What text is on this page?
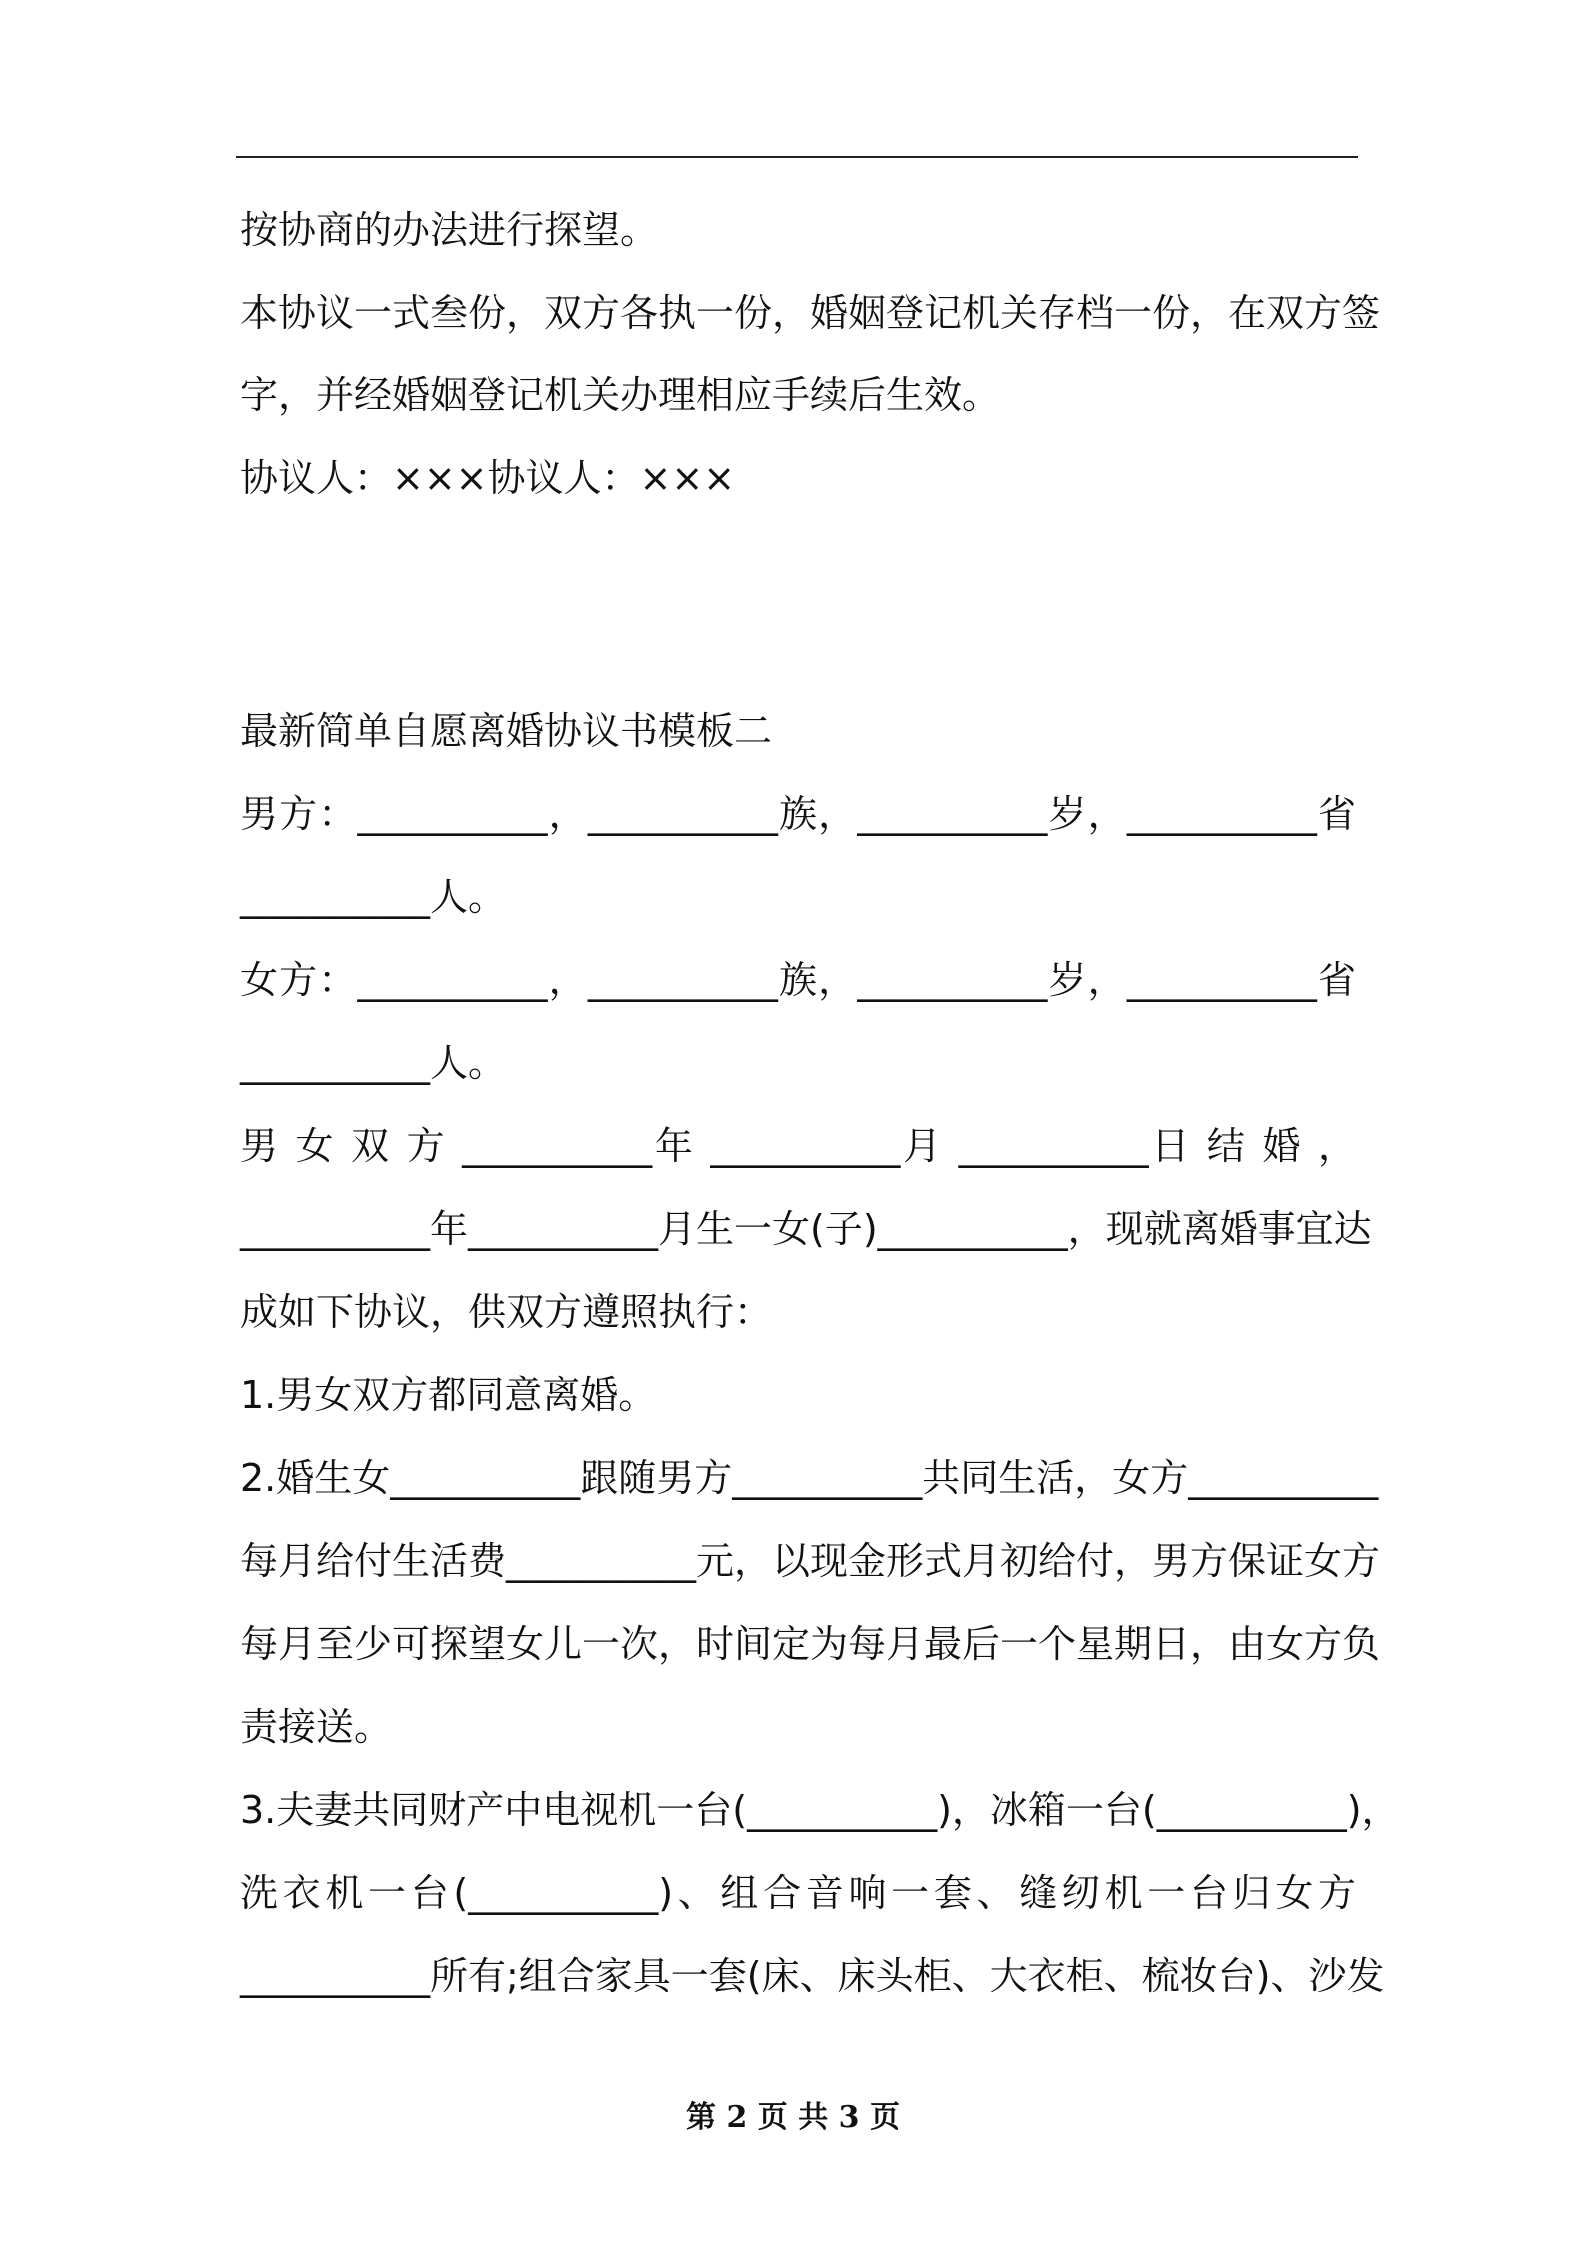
按协商的办法进行探望。
本协议一式叁份，双方各执一份，婚姻登记机关存档一份，在双方签
字，并经婚姻登记机关办理相应手续后生效。
协议人：×××协议人：×××
最新简单自愿离婚协议书模板二
男方：__________，__________族，__________岁，__________省
__________人。
女方：__________，__________族，__________岁，__________省
__________人。
男 女 双 方 __________年 __________月 __________日 结 婚 ，
__________年__________月生一女(子)__________，现就离婚事宜达
成如下协议，供双方遵照执行：
1.男女双方都同意离婚。
2.婚生女__________跟随男方__________共同生活，女方__________
每月给付生活费__________元，以现金形式月初给付，男方保证女方
每月至少可探望女儿一次，时间定为每月最后一个星期日，由女方负
责接送。
3.夫妻共同财产中电视机一台(__________)，冰箱一台(__________)，
洗衣机一台(__________)、组合音响一套、缝纫机一台归女方
__________所有;组合家具一套(床、床头柜、大衣柜、梳妆台)、沙发
第 2 页 共 3 页
